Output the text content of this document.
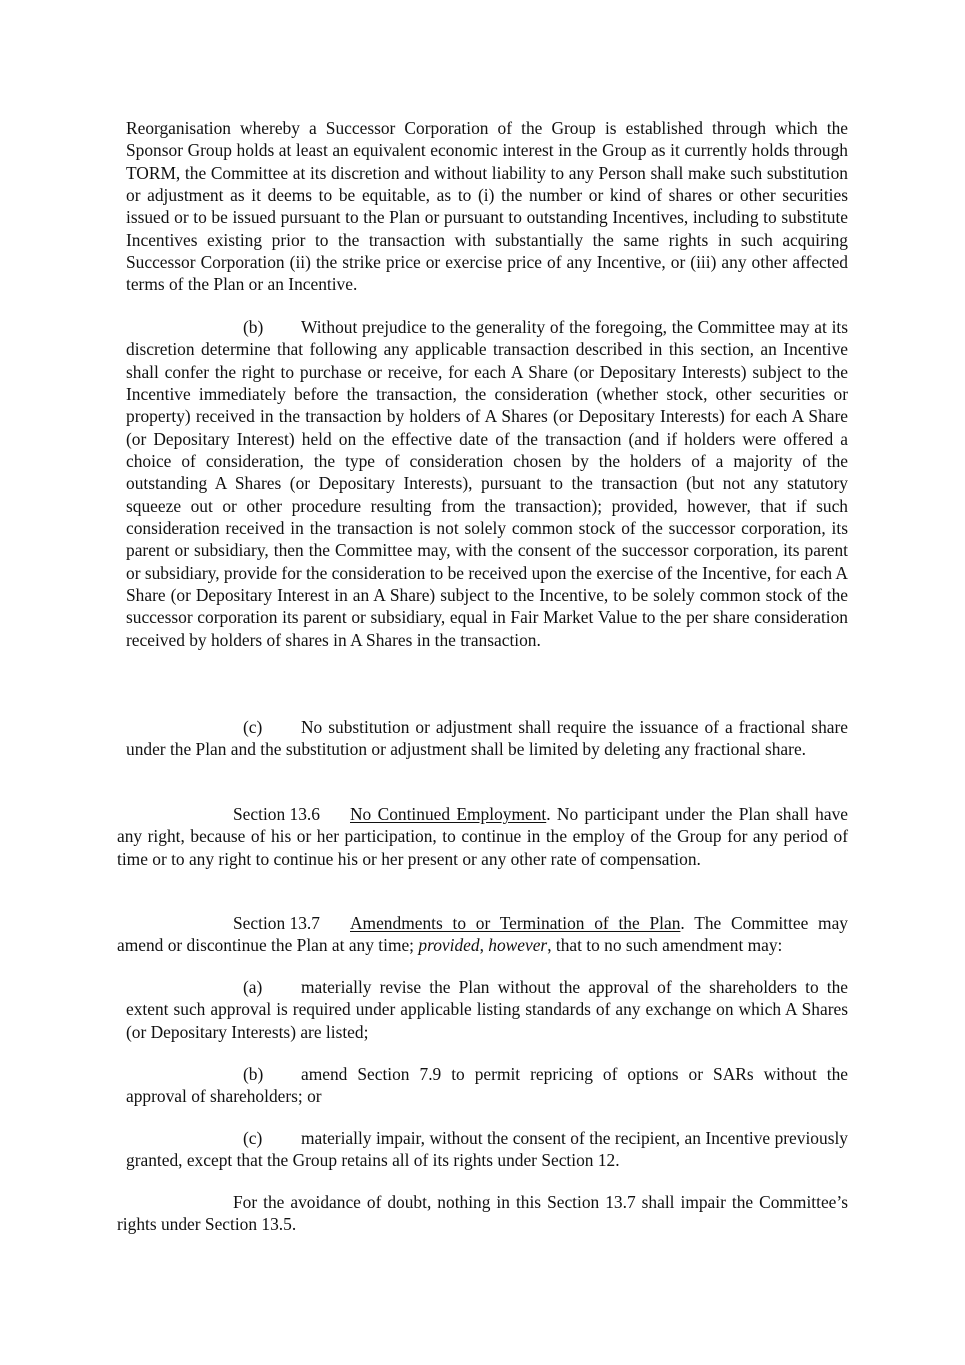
Reorganisation whereby a Successor Corporation of the Group is established through which the Sponsor Group holds at least an equivalent economic interest in the Group as it currently holds through TORM, the Committee at its discretion and without liability to any Person shall make such substitution or adjustment as it deems to be equitable, as to (i) the number or kind of shares or other securities issued or to be issued pursuant to the Plan or pursuant to outstanding Incentives, including to substitute Incentives existing prior to the transaction with substantially the same rights in such acquiring Successor Corporation (ii) the strike price or exercise price of any Incentive, or (iii) any other affected terms of the Plan or an Incentive.

(b) Without prejudice to the generality of the foregoing, the Committee may at its discretion determine that following any applicable transaction described in this section, an Incentive shall confer the right to purchase or receive, for each A Share (or Depositary Interests) subject to the Incentive immediately before the transaction, the consideration (whether stock, other securities or property) received in the transaction by holders of A Shares (or Depositary Interests) for each A Share (or Depositary Interest) held on the effective date of the transaction (and if holders were offered a choice of consideration, the type of consideration chosen by the holders of a majority of the outstanding A Shares (or Depositary Interests), pursuant to the transaction (but not any statutory squeeze out or other procedure resulting from the transaction); provided, however, that if such consideration received in the transaction is not solely common stock of the successor corporation, its parent or subsidiary, then the Committee may, with the consent of the successor corporation, its parent or subsidiary, provide for the consideration to be received upon the exercise of the Incentive, for each A Share (or Depositary Interest in an A Share) subject to the Incentive, to be solely common stock of the successor corporation its parent or subsidiary, equal in Fair Market Value to the per share consideration received by holders of shares in A Shares in the transaction.

(c) No substitution or adjustment shall require the issuance of a fractional share under the Plan and the substitution or adjustment shall be limited by deleting any fractional share.

Section 13.6 No Continued Employment. No participant under the Plan shall have any right, because of his or her participation, to continue in the employ of the Group for any period of time or to any right to continue his or her present or any other rate of compensation.

Section 13.7 Amendments to or Termination of the Plan. The Committee may amend or discontinue the Plan at any time; provided, however, that to no such amendment may:

(a) materially revise the Plan without the approval of the shareholders to the extent such approval is required under applicable listing standards of any exchange on which A Shares (or Depositary Interests) are listed;

(b) amend Section 7.9 to permit repricing of options or SARs without the approval of shareholders; or

(c) materially impair, without the consent of the recipient, an Incentive previously granted, except that the Group retains all of its rights under Section 12.

For the avoidance of doubt, nothing in this Section 13.7 shall impair the Committee’s rights under Section 13.5.
